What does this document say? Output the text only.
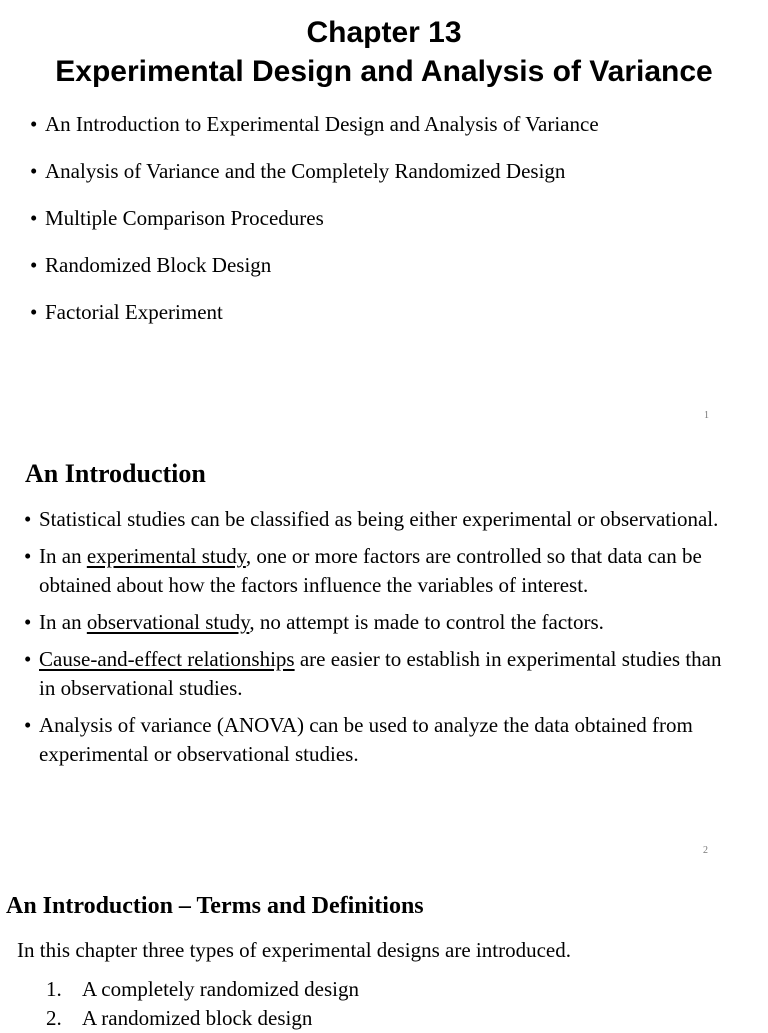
Chapter 13
Experimental Design and Analysis of Variance
• An Introduction to Experimental Design and Analysis of Variance
• Analysis of Variance and the Completely Randomized Design
• Multiple Comparison Procedures
• Randomized Block Design
• Factorial Experiment
1
An Introduction
• Statistical studies can be classified as being either experimental or observational.
• In an experimental study, one or more factors are controlled so that data can be obtained about how the factors influence the variables of interest.
• In an observational study, no attempt is made to control the factors.
• Cause-and-effect relationships are easier to establish in experimental studies than in observational studies.
• Analysis of variance (ANOVA) can be used to analyze the data obtained from experimental or observational studies.
2
An Introduction – Terms and Definitions

In this chapter three types of experimental designs are introduced.

1. A completely randomized design
2. A randomized block design
